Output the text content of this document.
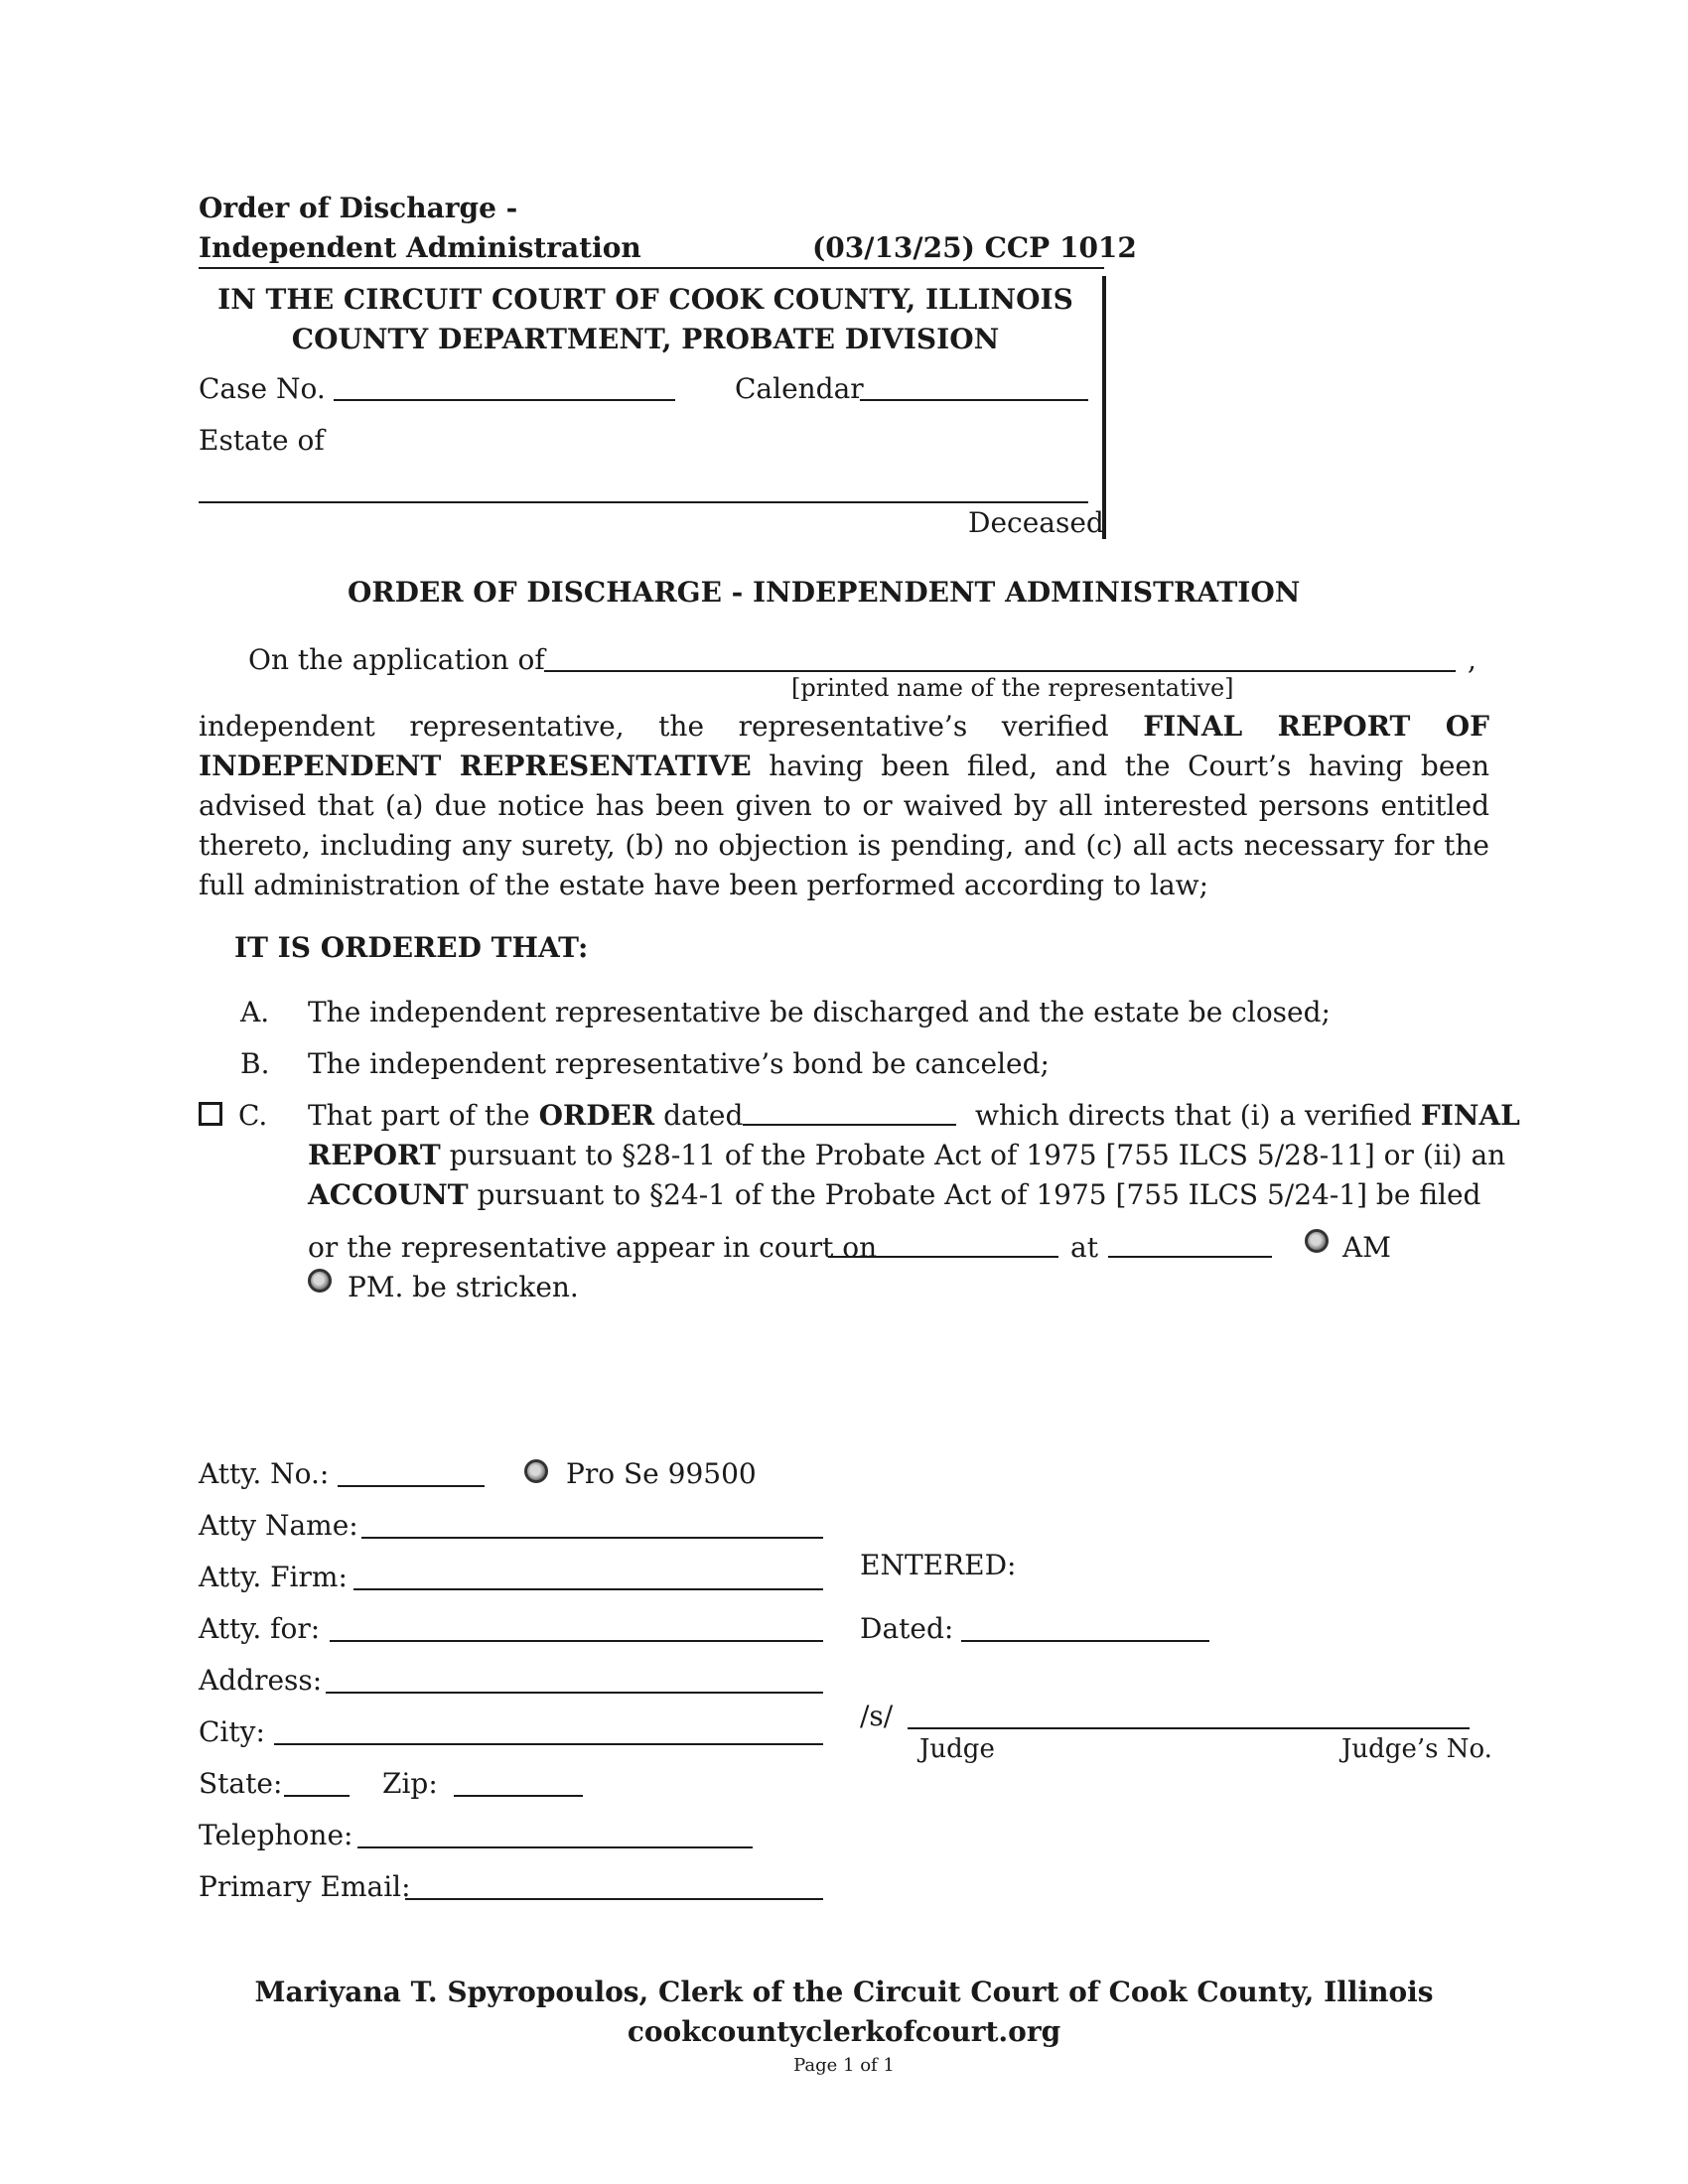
Order of Discharge -
Independent Administration	(03/13/25) CCP 1012
IN THE CIRCUIT COURT OF COOK COUNTY, ILLINOIS
COUNTY DEPARTMENT, PROBATE DIVISION
Case No.	Calendar
Estate of
Deceased
ORDER OF DISCHARGE - INDEPENDENT ADMINISTRATION
On the application of	,
[printed name of the representative]
independent representative, the representative’s verified FINAL REPORT OF INDEPENDENT REPRESENTATIVE having been filed, and the Court’s having been advised that (a) due notice has been given to or waived by all interested persons entitled thereto, including any surety, (b) no objection is pending, and (c) all acts necessary for the full administration of the estate have been performed according to law;
IT IS ORDERED THAT:
A. The independent representative be discharged and the estate be closed;
B. The independent representative’s bond be canceled;
C. That part of the ORDER dated	which directs that (i) a verified FINAL
REPORT pursuant to §28-11 of the Probate Act of 1975 [755 ILCS 5/28-11] or (ii) an
ACCOUNT pursuant to §24-1 of the Probate Act of 1975 [755 ILCS 5/24-1] be filed
or the representative appear in court on	at	AM
PM. be stricken.
Atty. No.:	Pro Se 99500
Atty Name:
Atty. Firm:
Atty. for:
Address:
City:
State:	Zip:
Telephone:
Primary Email:
ENTERED:
Dated:
/s/
Judge	Judge’s No.
Mariyana T. Spyropoulos, Clerk of the Circuit Court of Cook County, Illinois
cookcountyclerkofcourt.org
Page 1 of 1
